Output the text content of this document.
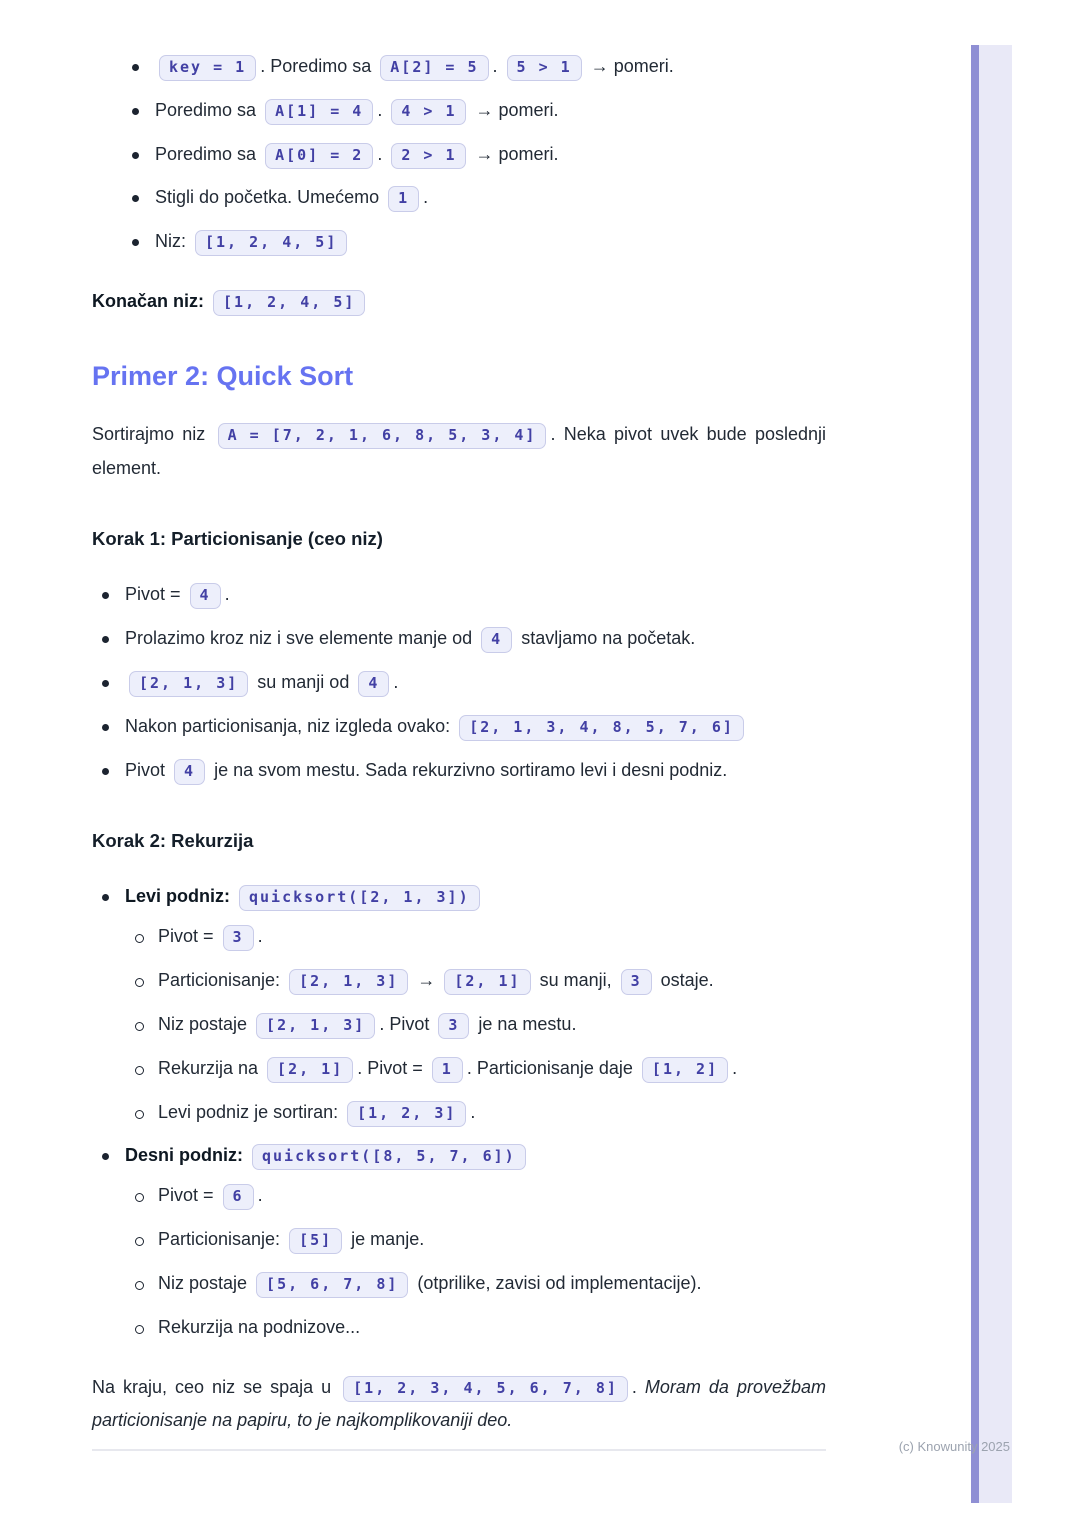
key = 1 . Poredimo sa A[2] = 5 . 5 > 1 → pomeri.
Poredimo sa A[1] = 4 . 4 > 1 → pomeri.
Poredimo sa A[0] = 2 . 2 > 1 → pomeri.
Stigli do početka. Umećemo 1 .
Niz: [1, 2, 4, 5]

Konačan niz: [1, 2, 4, 5]

Primer 2: Quick Sort

Sortirajmo niz A = [7, 2, 1, 6, 8, 5, 3, 4] . Neka pivot uvek bude poslednji element.

Korak 1: Particionisanje (ceo niz)

Pivot = 4 .
Prolazimo kroz niz i sve elemente manje od 4 stavljamo na početak.
[2, 1, 3] su manji od 4 .
Nakon particionisanja, niz izgleda ovako: [2, 1, 3, 4, 8, 5, 7, 6]
Pivot 4 je na svom mestu. Sada rekurzivno sortiramo levi i desni podniz.

Korak 2: Rekurzija

Levi podniz: quicksort([2, 1, 3])
Pivot = 3 .
Particionisanje: [2, 1, 3] → [2, 1] su manji, 3 ostaje.
Niz postaje [2, 1, 3] . Pivot 3 je na mestu.
Rekurzija na [2, 1] . Pivot = 1 . Particionisanje daje [1, 2] .
Levi podniz je sortiran: [1, 2, 3] .
Desni podniz: quicksort([8, 5, 7, 6])
Pivot = 6 .
Particionisanje: [5] je manje.
Niz postaje [5, 6, 7, 8] (otprilike, zavisi od implementacije).
Rekurzija na podnizove...

Na kraju, ceo niz se spaja u [1, 2, 3, 4, 5, 6, 7, 8] . Moram da provežbam particionisanje na papiru, to je najkomplikovaniji deo.

(c) Knowunity 2025
